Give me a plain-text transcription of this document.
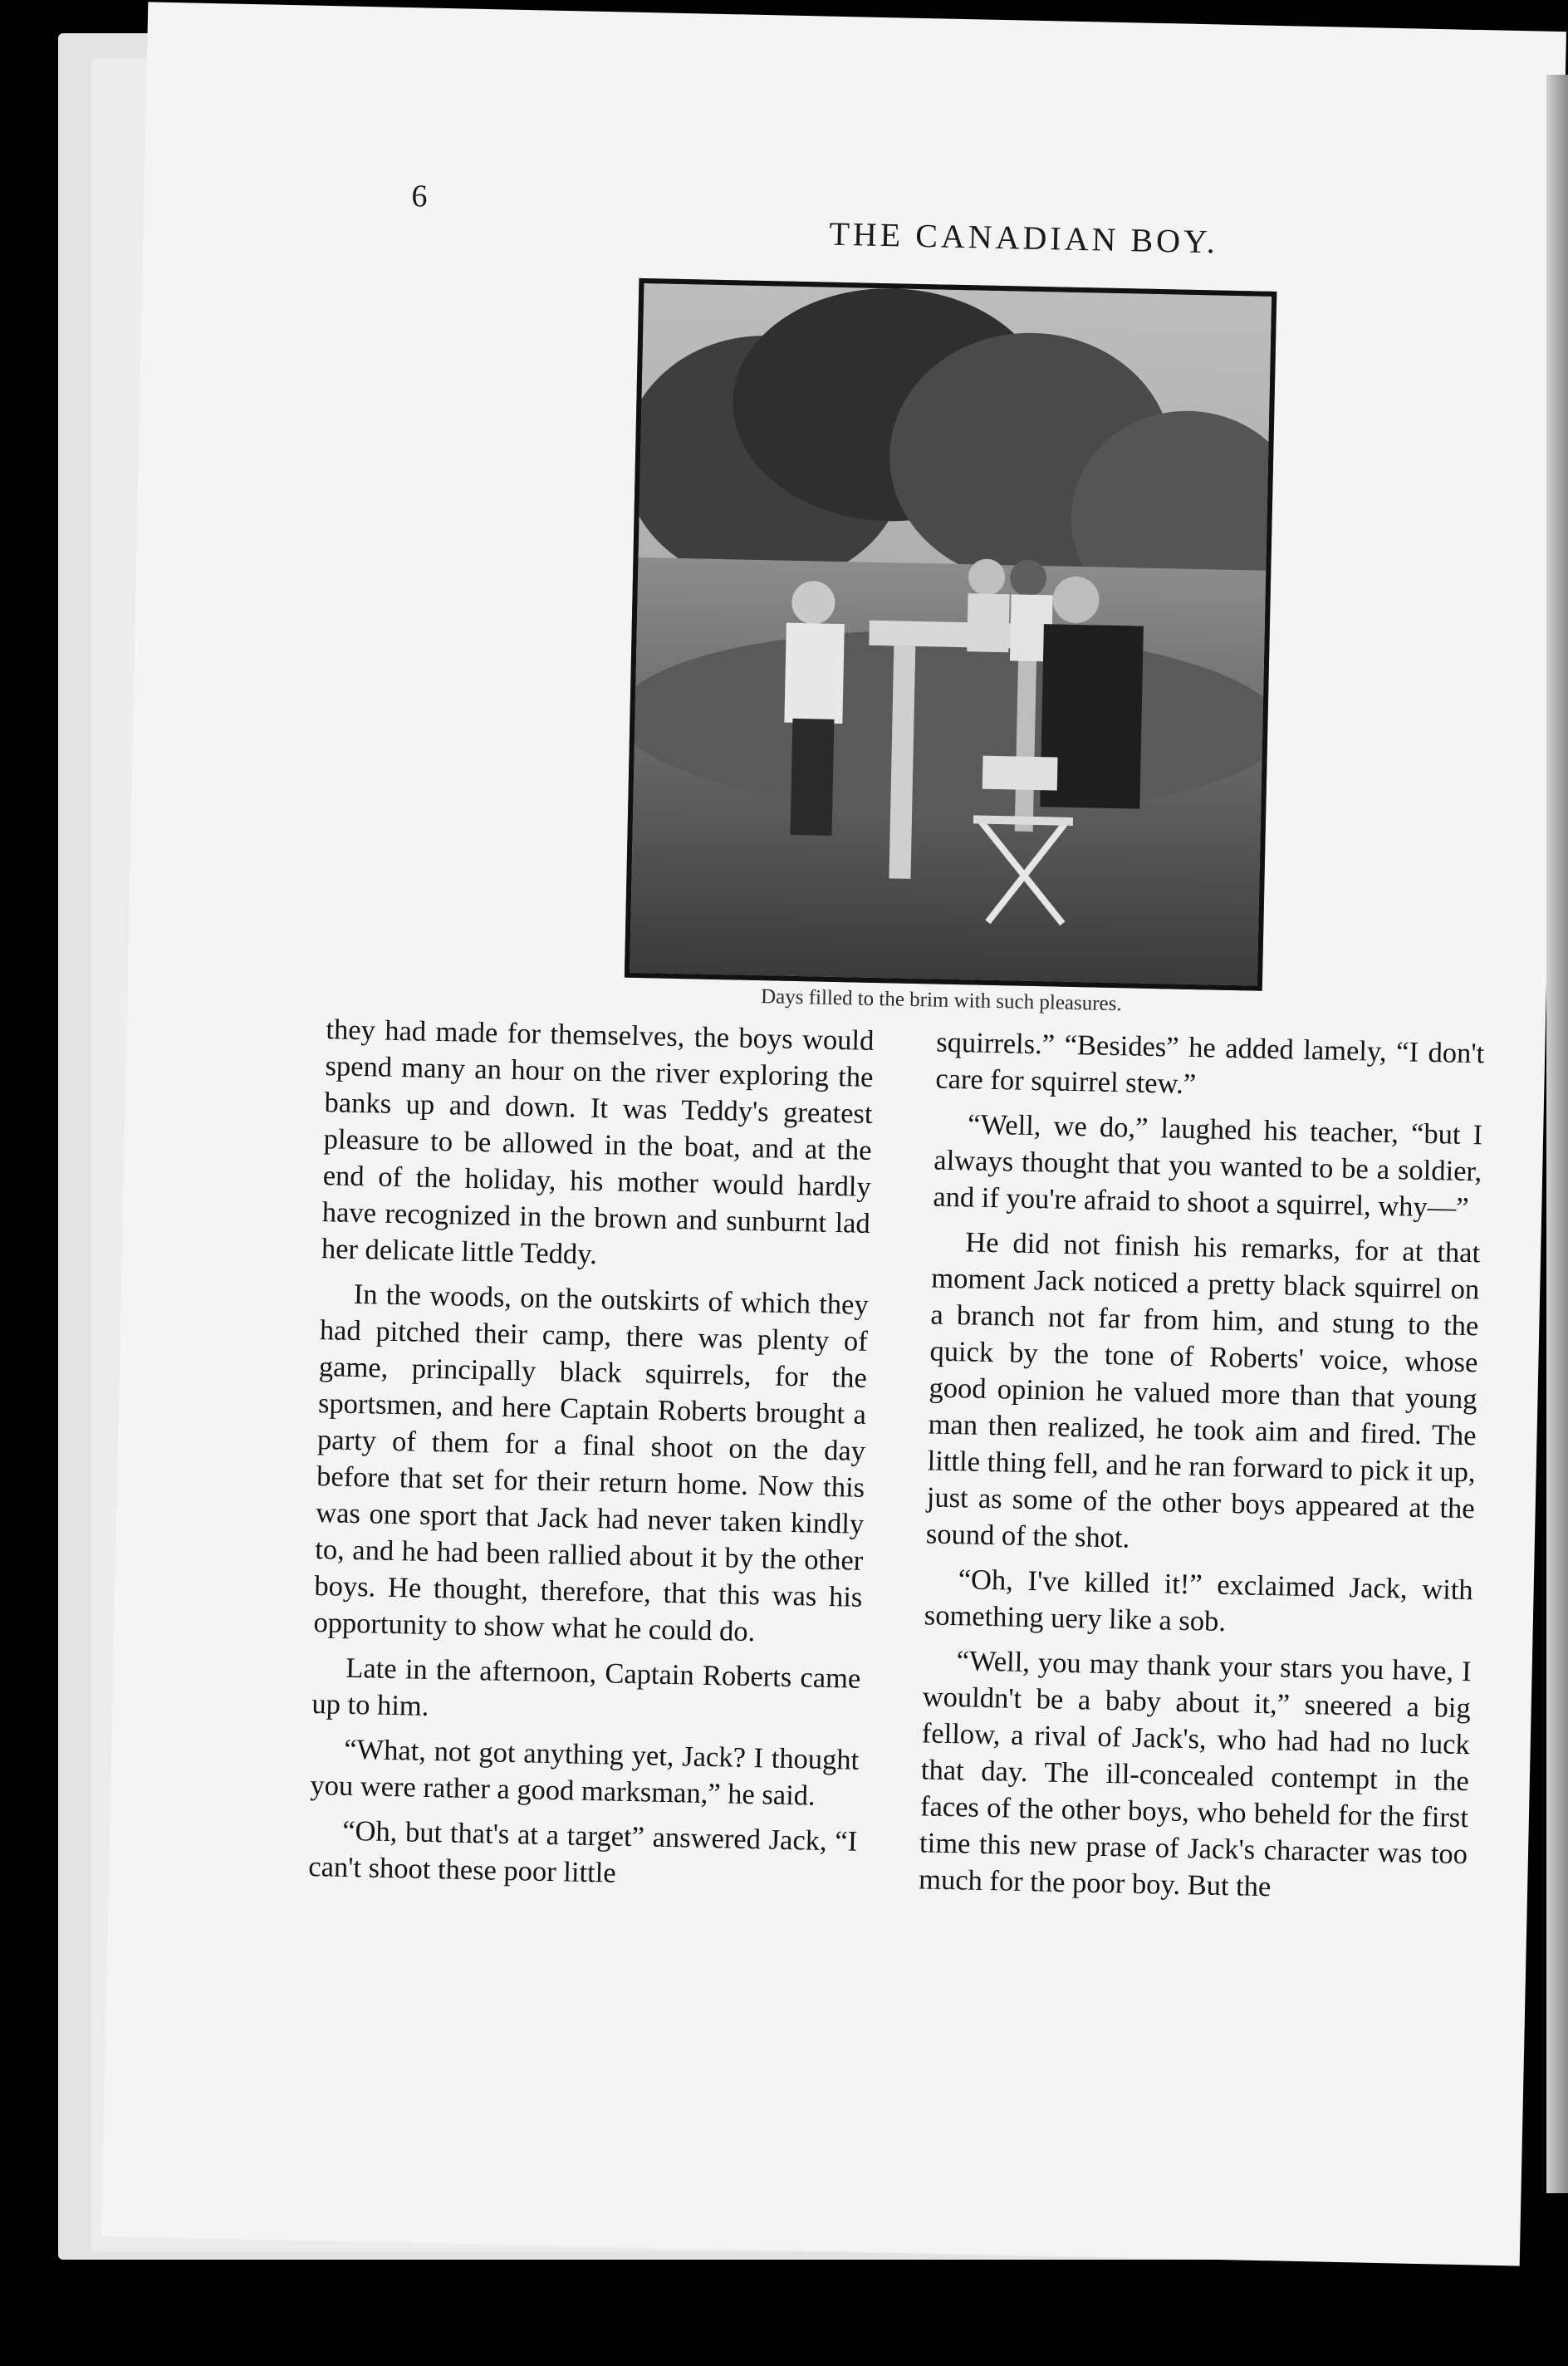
6
THE CANADIAN BOY.
Days filled to the brim with such pleasures.

they had made for themselves, the boys would spend many an hour on the river exploring the banks up and down. It was Teddy's greatest pleasure to be allowed in the boat, and at the end of the holiday, his mother would hardly have recognized in the brown and sunburnt lad her delicate little Teddy.

In the woods, on the outskirts of which they had pitched their camp, there was plenty of game, principally black squirrels, for the sportsmen, and here Captain Roberts brought a party of them for a final shoot on the day before that set for their return home. Now this was one sport that Jack had never taken kindly to, and he had been rallied about it by the other boys. He thought, therefore, that this was his opportunity to show what he could do.

Late in the afternoon, Captain Roberts came up to him.

“What, not got anything yet, Jack? I thought you were rather a good marksman,” he said.

“Oh, but that's at a target” answered Jack, “I can't shoot these poor little

squirrels.” “Besides” he added lamely, “I don't care for squirrel stew.”

“Well, we do,” laughed his teacher, “but I always thought that you wanted to be a soldier, and if you're afraid to shoot a squirrel, why—”

He did not finish his remarks, for at that moment Jack noticed a pretty black squirrel on a branch not far from him, and stung to the quick by the tone of Roberts' voice, whose good opinion he valued more than that young man then realized, he took aim and fired. The little thing fell, and he ran forward to pick it up, just as some of the other boys appeared at the sound of the shot.

“Oh, I've killed it!” exclaimed Jack, with something uery like a sob.

“Well, you may thank your stars you have, I wouldn't be a baby about it,” sneered a big fellow, a rival of Jack's, who had had no luck that day. The ill-concealed contempt in the faces of the other boys, who beheld for the first time this new prase of Jack's character was too much for the poor boy. But the
